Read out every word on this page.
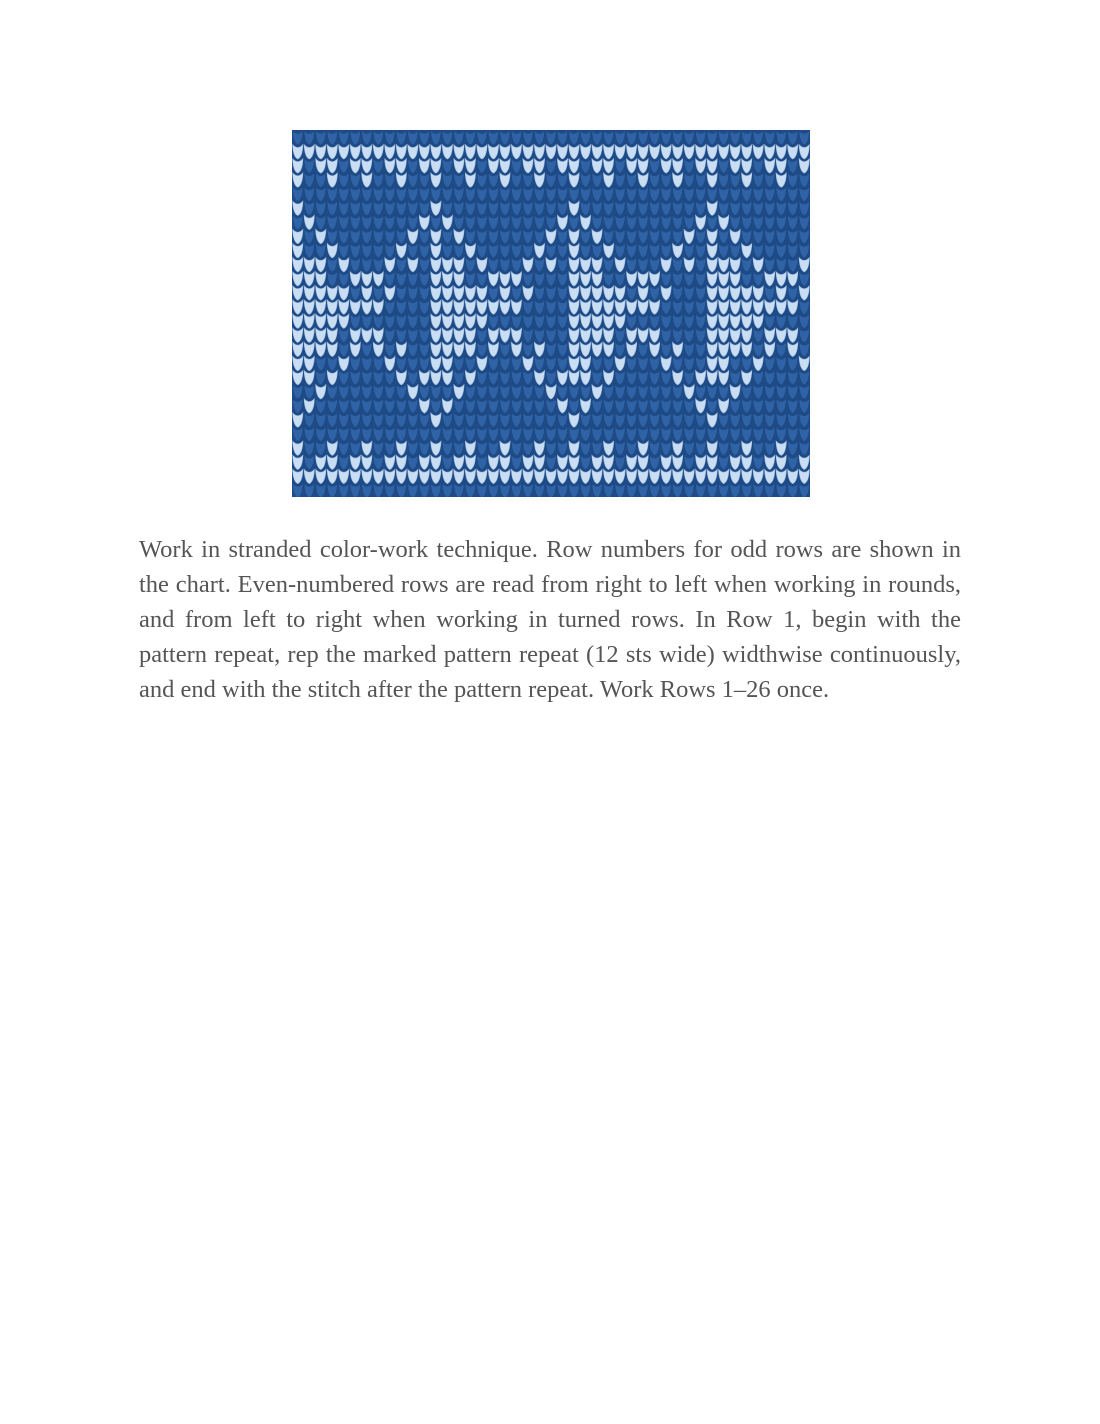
Work in stranded color-work technique. Row numbers for odd rows are shown in the chart. Even-numbered rows are read from right to left when working in rounds, and from left to right when working in turned rows. In Row 1, begin with the pattern repeat, rep the marked pattern repeat (12 sts wide) widthwise continuously, and end with the stitch after the pattern repeat. Work Rows 1–26 once.
